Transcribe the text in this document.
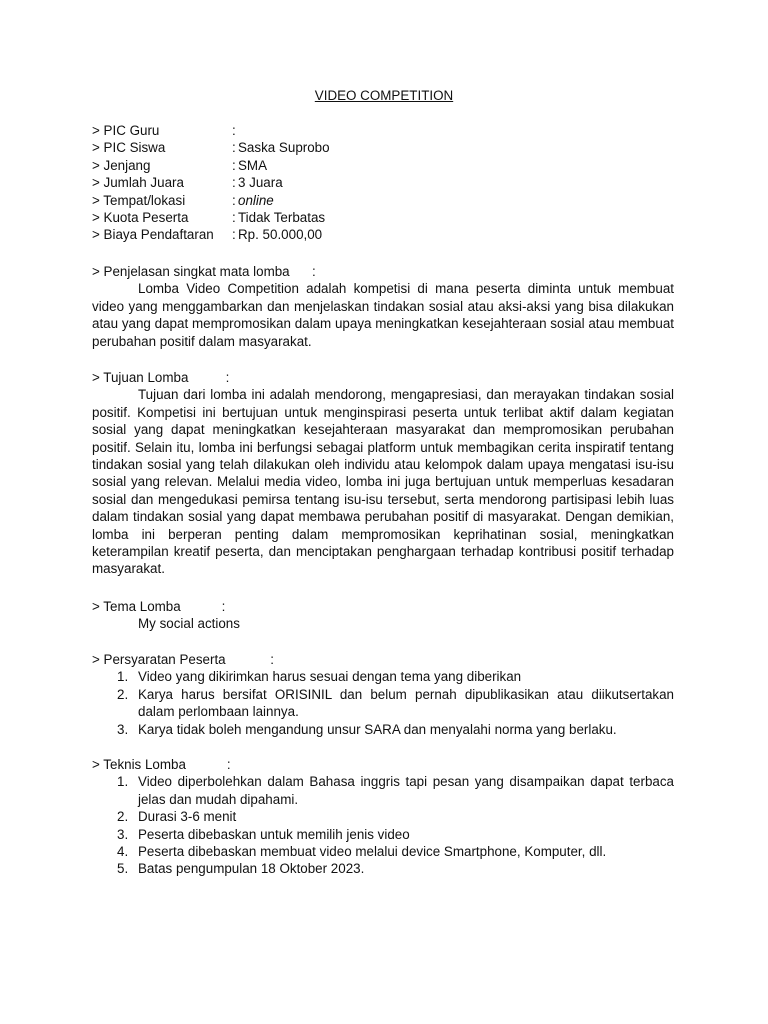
VIDEO COMPETITION
> PIC Guru	:
> PIC Siswa	: Saska Suprobo
> Jenjang	: SMA
> Jumlah Juara	: 3 Juara
> Tempat/lokasi	: online
> Kuota Peserta	: Tidak Terbatas
> Biaya Pendaftaran	: Rp. 50.000,00
> Penjelasan singkat mata lomba      :
Lomba Video Competition adalah kompetisi di mana peserta diminta untuk membuat video yang menggambarkan dan menjelaskan tindakan sosial atau aksi-aksi yang bisa dilakukan atau yang dapat mempromosikan dalam upaya meningkatkan kesejahteraan sosial atau membuat perubahan positif dalam masyarakat.
> Tujuan Lomba          :
Tujuan dari lomba ini adalah mendorong, mengapresiasi, dan merayakan tindakan sosial positif. Kompetisi ini bertujuan untuk menginspirasi peserta untuk terlibat aktif dalam kegiatan sosial yang dapat meningkatkan kesejahteraan masyarakat dan mempromosikan perubahan positif. Selain itu, lomba ini berfungsi sebagai platform untuk membagikan cerita inspiratif tentang tindakan sosial yang telah dilakukan oleh individu atau kelompok dalam upaya mengatasi isu-isu sosial yang relevan. Melalui media video, lomba ini juga bertujuan untuk memperluas kesadaran sosial dan mengedukasi pemirsa tentang isu-isu tersebut, serta mendorong partisipasi lebih luas dalam tindakan sosial yang dapat membawa perubahan positif di masyarakat. Dengan demikian, lomba ini berperan penting dalam mempromosikan keprihatinan sosial, meningkatkan keterampilan kreatif peserta, dan menciptakan penghargaan terhadap kontribusi positif terhadap masyarakat.
> Tema Lomba           :
My social actions
> Persyaratan Peserta            :
1. Video yang dikirimkan harus sesuai dengan tema yang diberikan
2. Karya harus bersifat ORISINIL dan belum pernah dipublikasikan atau diikutsertakan dalam perlombaan lainnya.
3. Karya tidak boleh mengandung unsur SARA dan menyalahi norma yang berlaku.
> Teknis Lomba           :
1. Video diperbolehkan dalam Bahasa inggris tapi pesan yang disampaikan dapat terbaca jelas dan mudah dipahami.
2. Durasi 3-6 menit
3. Peserta dibebaskan untuk memilih jenis video
4. Peserta dibebaskan membuat video melalui device Smartphone, Komputer, dll.
5. Batas pengumpulan 18 Oktober 2023.
